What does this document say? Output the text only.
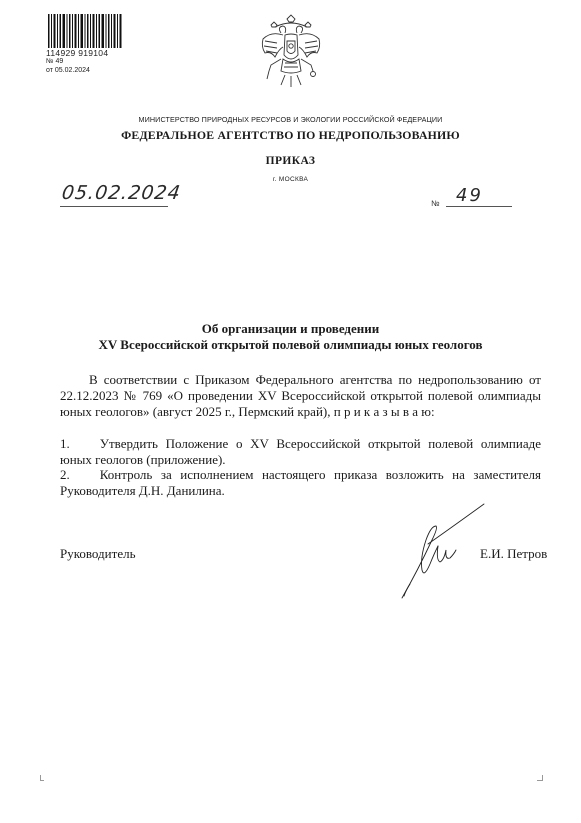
114929 919104
№ 49
от 05.02.2024
МИНИСТЕРСТВО ПРИРОДНЫХ РЕСУРСОВ И ЭКОЛОГИИ РОССИЙСКОЙ ФЕДЕРАЦИИ
ФЕДЕРАЛЬНОЕ АГЕНТСТВО ПО НЕДРОПОЛЬЗОВАНИЮ
ПРИКАЗ
г. МОСКВА
05.02.2024	№ 49
Об организации и проведении
XV Всероссийской открытой полевой олимпиады юных геологов
В соответствии с Приказом Федерального агентства по недропользованию от 22.12.2023 № 769 «О проведении XV Всероссийской открытой полевой олимпиады юных геологов» (август 2025 г., Пермский край), п р и к а з ы в а ю:
1. Утвердить Положение о XV Всероссийской открытой полевой олимпиаде юных геологов (приложение).
2. Контроль за исполнением настоящего приказа возложить на заместителя Руководителя Д.Н. Данилина.
Руководитель	Е.И. Петров
